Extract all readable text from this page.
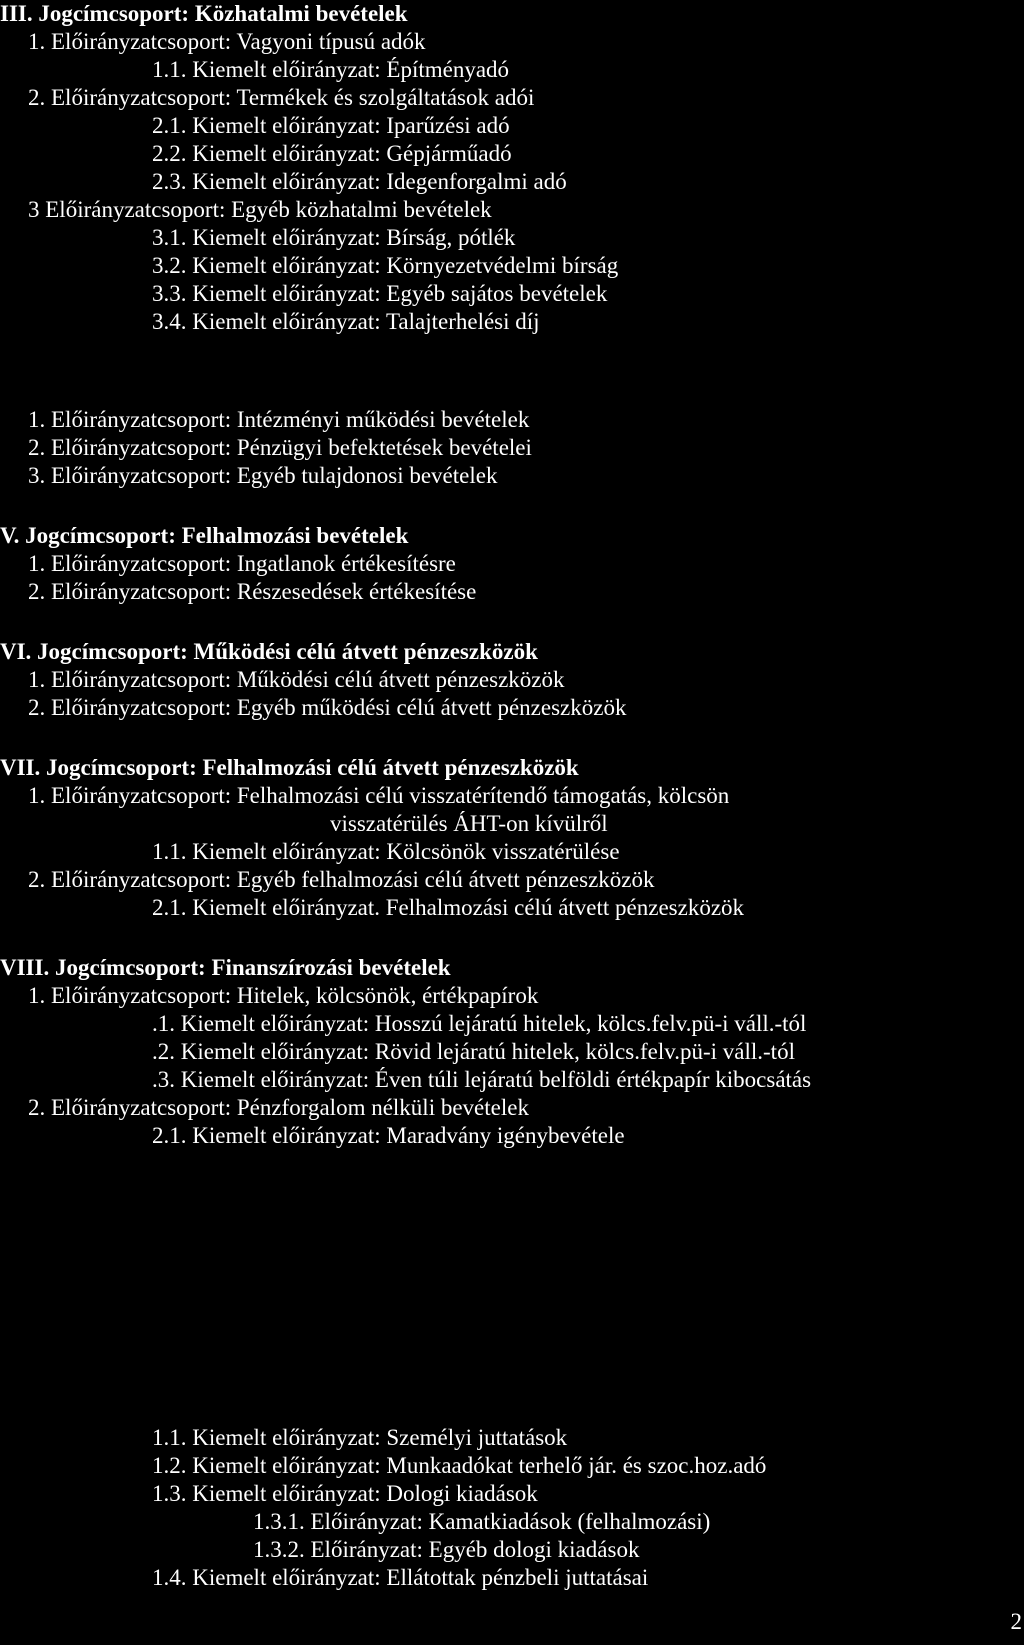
III. Jogcímcsoport: Közhatalmi bevételek
1. Előirányzatcsoport: Vagyoni típusú adók
1.1. Kiemelt előirányzat: Építményadó
2. Előirányzatcsoport: Termékek és szolgáltatások adói
2.1. Kiemelt előirányzat: Iparűzési adó
2.2. Kiemelt előirányzat: Gépjárműadó
2.3. Kiemelt előirányzat: Idegenforgalmi adó
3 Előirányzatcsoport: Egyéb közhatalmi bevételek
3.1. Kiemelt előirányzat: Bírság, pótlék
3.2. Kiemelt előirányzat: Környezetvédelmi bírság
3.3. Kiemelt előirányzat: Egyéb sajátos bevételek
3.4. Kiemelt előirányzat: Talajterhelési díj
1. Előirányzatcsoport: Intézményi működési bevételek
2. Előirányzatcsoport: Pénzügyi befektetések bevételei
3. Előirányzatcsoport: Egyéb tulajdonosi bevételek
V. Jogcímcsoport: Felhalmozási bevételek
1. Előirányzatcsoport: Ingatlanok értékesítésre
2. Előirányzatcsoport: Részesedések értékesítése
VI. Jogcímcsoport: Működési célú átvett pénzeszközök
1. Előirányzatcsoport: Működési célú átvett pénzeszközök
2. Előirányzatcsoport: Egyéb működési célú átvett pénzeszközök
VII. Jogcímcsoport: Felhalmozási célú átvett pénzeszközök
1. Előirányzatcsoport: Felhalmozási célú visszatérítendő támogatás, kölcsön
visszatérülés ÁHT-on kívülről
1.1. Kiemelt előirányzat: Kölcsönök visszatérülése
2. Előirányzatcsoport: Egyéb felhalmozási célú átvett pénzeszközök
2.1. Kiemelt előirányzat. Felhalmozási célú átvett pénzeszközök
VIII. Jogcímcsoport: Finanszírozási bevételek
1. Előirányzatcsoport: Hitelek, kölcsönök, értékpapírok
.1. Kiemelt előirányzat: Hosszú lejáratú hitelek, kölcs.felv.pü-i váll.-tól
.2. Kiemelt előirányzat: Rövid lejáratú hitelek, kölcs.felv.pü-i váll.-tól
.3. Kiemelt előirányzat: Éven túli lejáratú belföldi értékpapír kibocsátás
2. Előirányzatcsoport: Pénzforgalom nélküli bevételek
2.1. Kiemelt előirányzat: Maradvány igénybevétele
1.1. Kiemelt előirányzat: Személyi juttatások
1.2. Kiemelt előirányzat: Munkaadókat terhelő jár. és szoc.hoz.adó
1.3. Kiemelt előirányzat: Dologi kiadások
1.3.1. Előirányzat: Kamatkiadások (felhalmozási)
1.3.2. Előirányzat: Egyéb dologi kiadások
1.4. Kiemelt előirányzat: Ellátottak pénzbeli juttatásai
2
